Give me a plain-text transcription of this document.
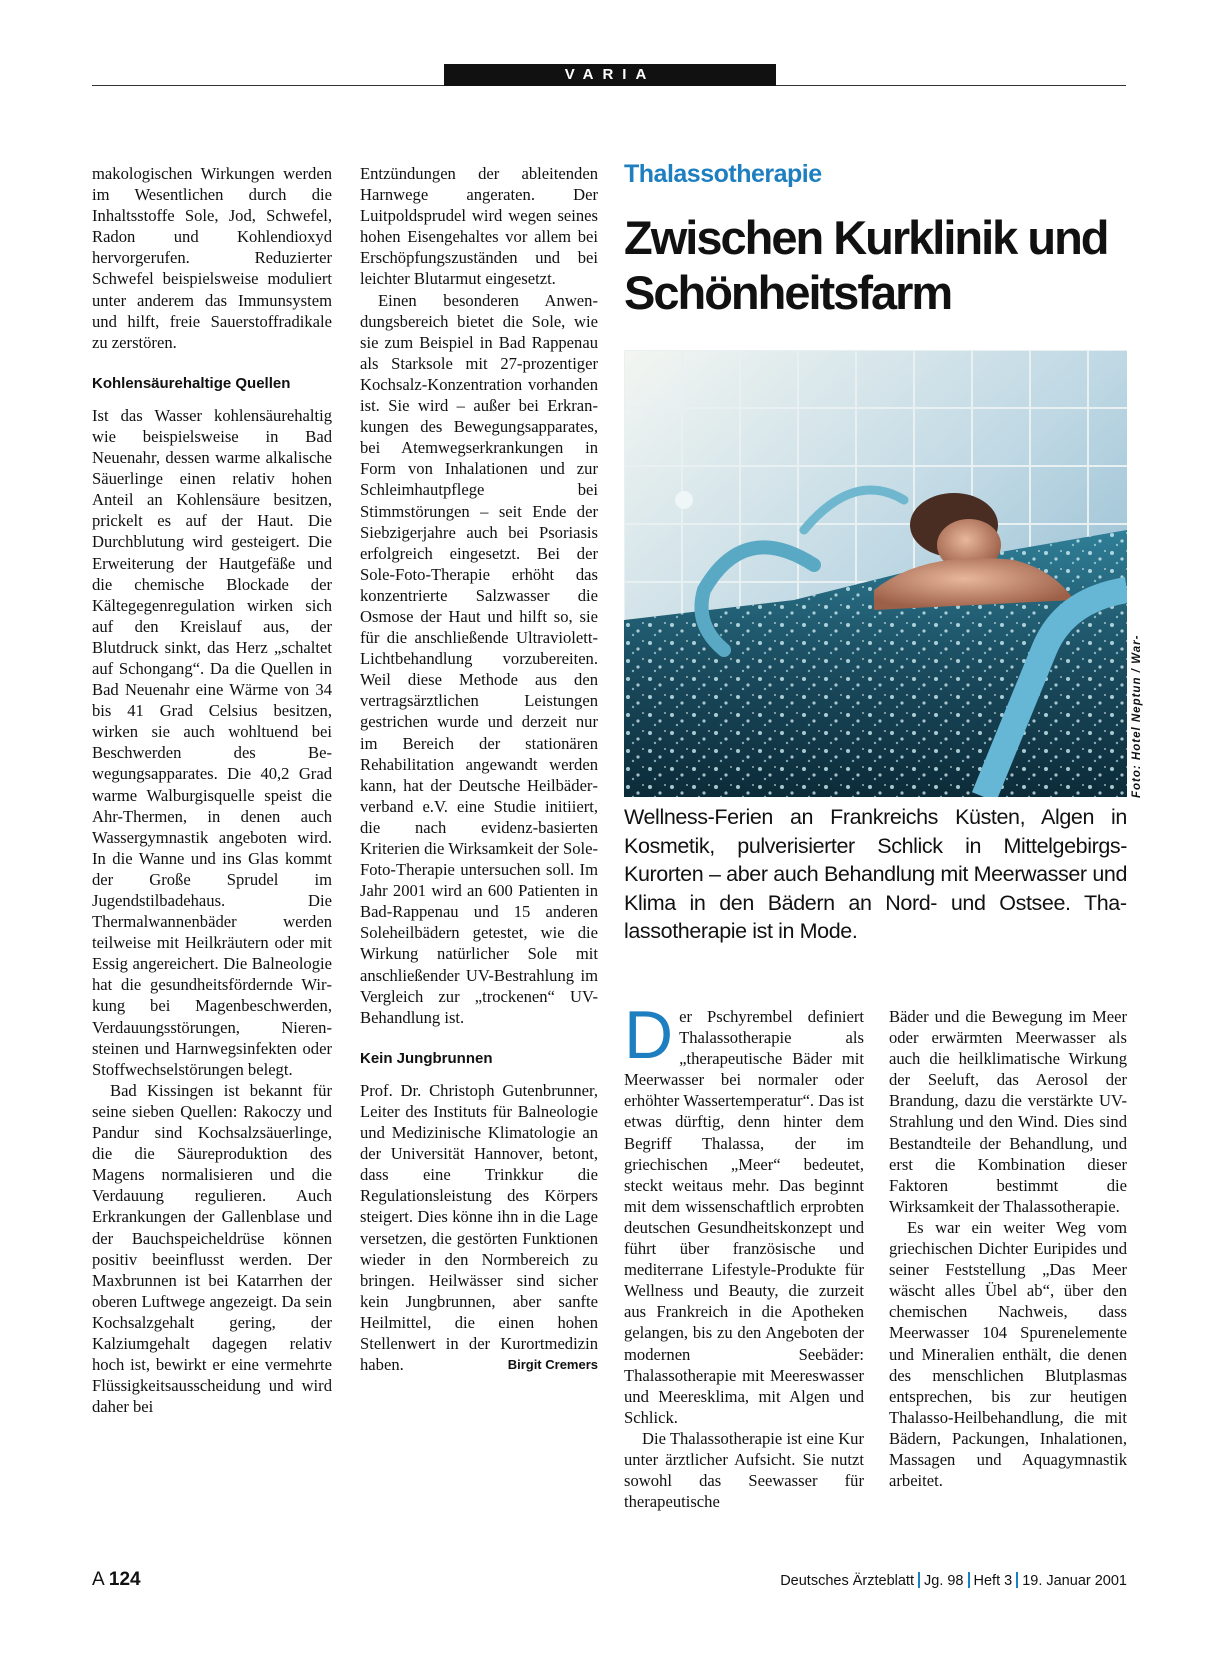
VARIA

makologischen Wirkungen werden im Wesentlichen durch die Inhaltsstoffe Sole, Jod, Schwefel, Radon und Kohlendioxyd hervorgerufen. Reduzierter Schwefel beispielsweise moduliert unter anderem das Immunsystem und hilft, freie Sauerstoffradikale zu zerstören.

Kohlensäurehaltige Quellen

Ist das Wasser kohlensäurehaltig wie beispielsweise in Bad Neuenahr, dessen warme alkalische Säuerlinge einen relativ hohen Anteil an Kohlensäure besitzen, prickelt es auf der Haut. Die Durchblutung wird gesteigert. Die Erweiterung der Hautgefäße und die chemische Blockade der Kältegegenregulation wirken sich auf den Kreislauf aus, der Blutdruck sinkt, das Herz „schaltet auf Schongang“. Da die Quellen in Bad Neuenahr eine Wärme von 34 bis 41 Grad Celsius besitzen, wirken sie auch wohltuend bei Beschwerden des Bewegungsapparates. Die 40,2 Grad warme Walburgisquelle speist die Ahr-Thermen, in denen auch Wassergymnastik angeboten wird. In die Wanne und ins Glas kommt der Große Sprudel im Jugendstilbadehaus. Die Thermalwannenbäder werden teilweise mit Heilkräutern oder mit Essig angereichert. Die Balneologie hat die gesundheitsfördernde Wirkung bei Magenbeschwerden, Verdauungsstörungen, Nierensteinen und Harnwegsinfekten oder Stoffwechselstörungen belegt.

Bad Kissingen ist bekannt für seine sieben Quellen: Rakoczy und Pandur sind Kochsalzsäuerlinge, die die Säureproduktion des Magens normalisieren und die Verdauung regulieren. Auch Erkrankungen der Gallenblase und der Bauchspeicheldrüse können positiv beeinflusst werden. Der Maxbrunnen ist bei Katarrhen der oberen Luftwege angezeigt. Da sein Kochsalzgehalt gering, der Kalziumgehalt dagegen relativ hoch ist, bewirkt er eine vermehrte Flüssigkeitsausscheidung und wird daher bei

Entzündungen der ableitenden Harnwege angeraten. Der Luitpoldsprudel wird wegen seines hohen Eisengehaltes vor allem bei Erschöpfungszuständen und bei leichter Blutarmut eingesetzt.

Einen besonderen Anwendungsbereich bietet die Sole, wie sie zum Beispiel in Bad Rappenau als Starksole mit 27-prozentiger Kochsalz-Konzentration vorhanden ist. Sie wird – außer bei Erkrankungen des Bewegungsapparates, bei Atemwegserkrankungen in Form von Inhalationen und zur Schleimhautpflege bei Stimmstörungen – seit Ende der Siebzigerjahre auch bei Psoriasis erfolgreich eingesetzt. Bei der Sole-Foto-Therapie erhöht das konzentrierte Salzwasser die Osmose der Haut und hilft so, sie für die anschließende Ultraviolett-Lichtbehandlung vorzubereiten. Weil diese Methode aus den vertragsärztlichen Leistungen gestrichen wurde und derzeit nur im Bereich der stationären Rehabilitation angewandt werden kann, hat der Deutsche Heilbäderverband e.V. eine Studie initiiert, die nach evidenz-basierten Kriterien die Wirksamkeit der Sole-Foto-Therapie untersuchen soll. Im Jahr 2001 wird an 600 Patienten in Bad-Rappenau und 15 anderen Soleheilbädern getestet, wie die Wirkung natürlicher Sole mit anschließender UV-Bestrahlung im Vergleich zur „trockenen“ UV-Behandlung ist.

Kein Jungbrunnen

Prof. Dr. Christoph Gutenbrunner, Leiter des Instituts für Balneologie und Medizinische Klimatologie an der Universität Hannover, betont, dass eine Trinkkur die Regulationsleistung des Körpers steigert. Dies könne ihn in die Lage versetzen, die gestörten Funktionen wieder in den Normbereich zu bringen. Heilwässer sind sicher kein Jungbrunnen, aber sanfte Heilmittel, die einen hohen Stellenwert in der Kurortmedizin haben.	Birgit Cremers

Thalassotherapie
Zwischen Kurklinik und Schönheitsfarm
Foto: Hotel Neptun / War-
Wellness-Ferien an Frankreichs Küsten, Algen in Kosmetik, pulverisierter Schlick in Mittelgebirgs-Kurorten – aber auch Behandlung mit Meerwasser und Klima in den Bädern an Nord- und Ostsee. Thalassotherapie ist in Mode.

Der Pschyrembel definiert Thalassotherapie als „therapeutische Bäder mit Meerwasser bei normaler oder erhöhter Wassertemperatur“. Das ist etwas dürftig, denn hinter dem Begriff Thalassa, der im griechischen „Meer“ bedeutet, steckt weitaus mehr. Das beginnt mit dem wissenschaftlich erprobten deutschen Gesundheitskonzept und führt über französische und mediterrane Lifestyle-Produkte für Wellness und Beauty, die zurzeit aus Frankreich in die Apotheken gelangen, bis zu den Angeboten der modernen Seebäder: Thalassotherapie mit Meereswasser und Meeresklima, mit Algen und Schlick.

Die Thalassotherapie ist eine Kur unter ärztlicher Aufsicht. Sie nutzt sowohl das Seewasser für therapeutische

Bäder und die Bewegung im Meer oder erwärmten Meerwasser als auch die heilklimatische Wirkung der Seeluft, das Aerosol der Brandung, dazu die verstärkte UV-Strahlung und den Wind. Dies sind Bestandteile der Behandlung, und erst die Kombination dieser Faktoren bestimmt die Wirksamkeit der Thalassotherapie.

Es war ein weiter Weg vom griechischen Dichter Euripides und seiner Feststellung „Das Meer wäscht alles Übel ab“, über den chemischen Nachweis, dass Meerwasser 104 Spurenelemente und Mineralien enthält, die denen des menschlichen Blutplasmas entsprechen, bis zur heutigen Thalasso-Heilbehandlung, die mit Bädern, Packungen, Inhalationen, Massagen und Aquagymnastik arbeitet.

A 124	Deutsches Ärzteblatt Jg. 98 Heft 3 19. Januar 2001
